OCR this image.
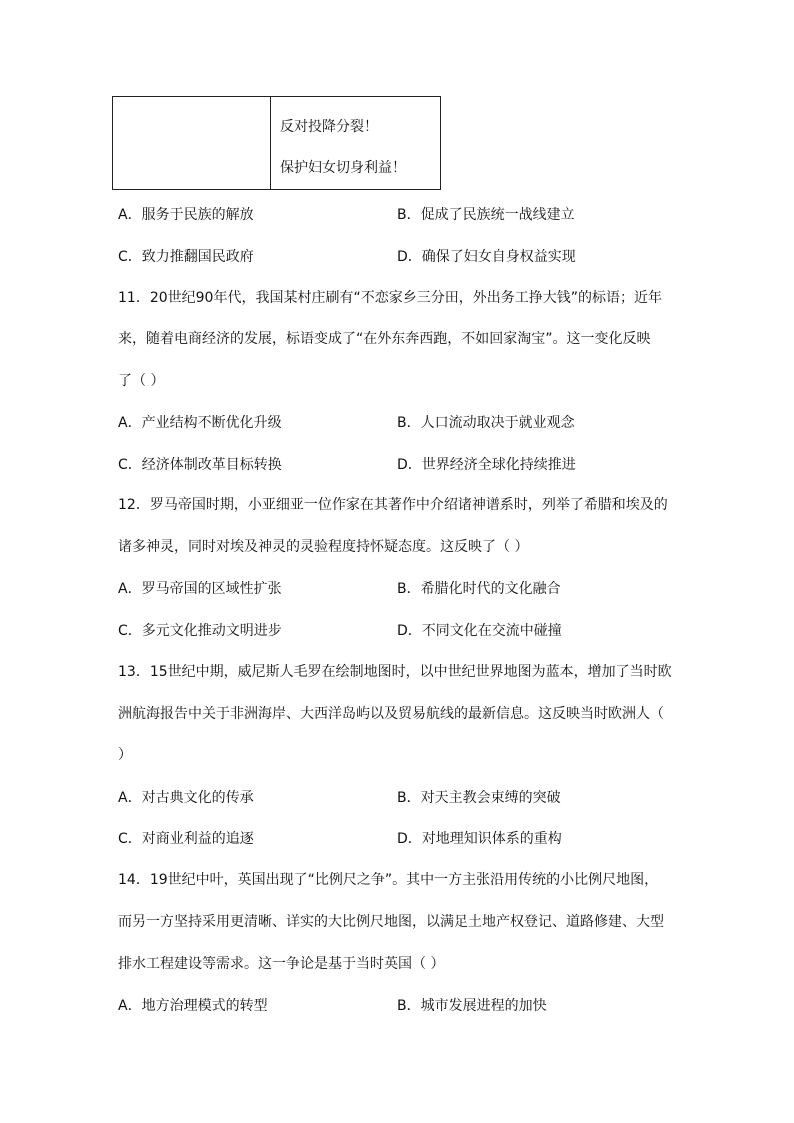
反对投降分裂！
保护妇女切身利益！
A．服务于民族的解放	B．促成了民族统一战线建立
C．致力推翻国民政府	D．确保了妇女自身权益实现
11．20世纪90年代，我国某村庄刷有“不恋家乡三分田，外出务工挣大钱”的标语；近年
来，随着电商经济的发展，标语变成了“在外东奔西跑，不如回家淘宝”。这一变化反映
了（ ）
A．产业结构不断优化升级	B．人口流动取决于就业观念
C．经济体制改革目标转换	D．世界经济全球化持续推进
12．罗马帝国时期，小亚细亚一位作家在其著作中介绍诸神谱系时，列举了希腊和埃及的
诸多神灵，同时对埃及神灵的灵验程度持怀疑态度。这反映了（ ）
A．罗马帝国的区域性扩张	B．希腊化时代的文化融合
C．多元文化推动文明进步	D．不同文化在交流中碰撞
13．15世纪中期，威尼斯人毛罗在绘制地图时，以中世纪世界地图为蓝本，增加了当时欧
洲航海报告中关于非洲海岸、大西洋岛屿以及贸易航线的最新信息。这反映当时欧洲人（
）
A．对古典文化的传承	B．对天主教会束缚的突破
C．对商业利益的追逐	D．对地理知识体系的重构
14．19世纪中叶，英国出现了“比例尺之争”。其中一方主张沿用传统的小比例尺地图，
而另一方坚持采用更清晰、详实的大比例尺地图，以满足土地产权登记、道路修建、大型
排水工程建设等需求。这一争论是基于当时英国（ ）
A．地方治理模式的转型	B．城市发展进程的加快
